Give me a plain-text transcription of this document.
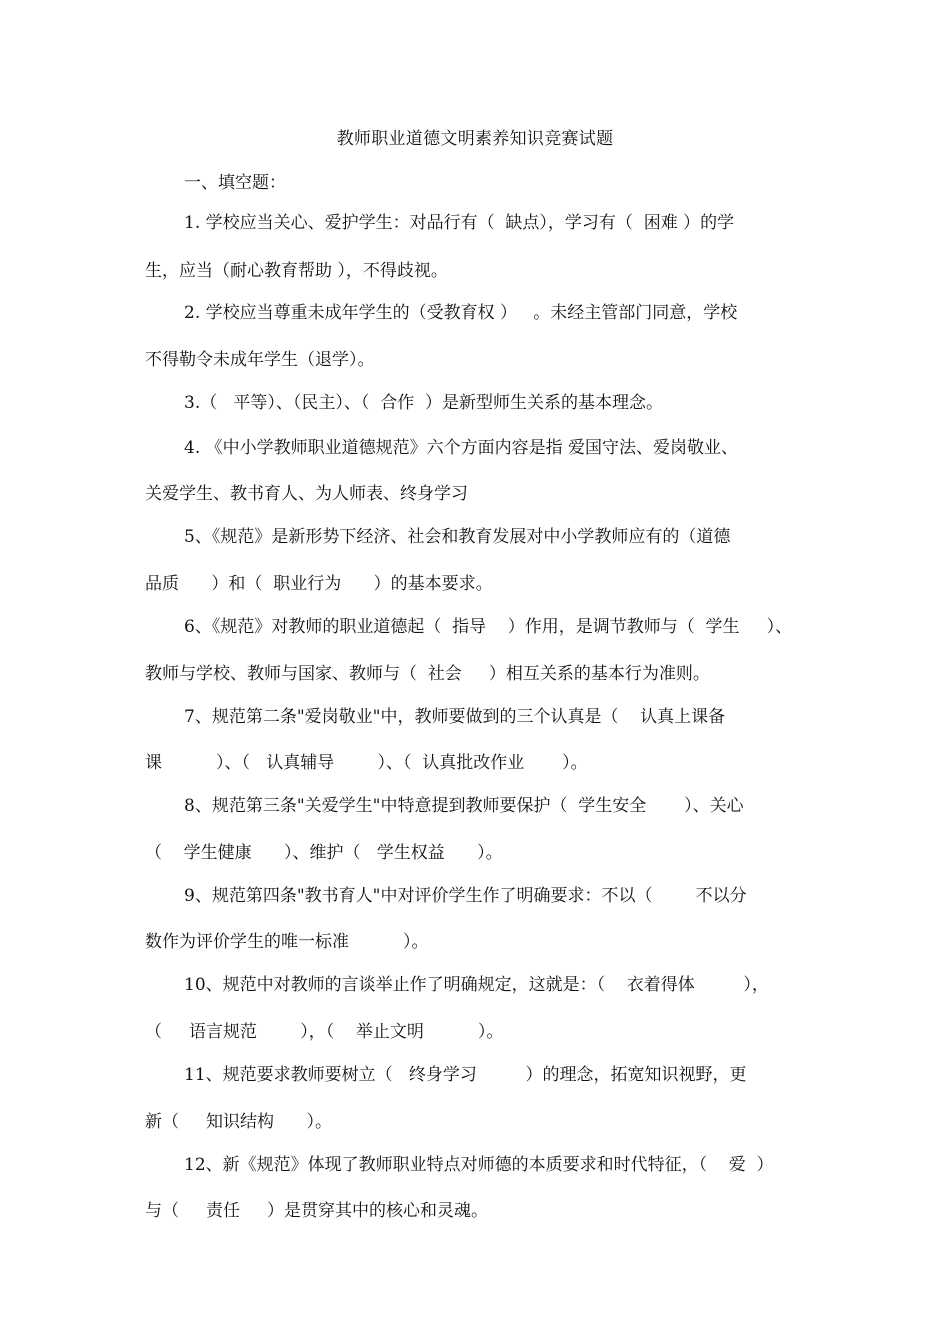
教师职业道德文明素养知识竞赛试题
一、填空题：
1. 学校应当关心、爱护学生：对品行有（  缺点），学习有（  困难 ）的学
生，应当（耐心教育帮助 ），不得歧视。
2. 学校应当尊重未成年学生的（受教育权 ）   。未经主管部门同意，学校
不得勒令未成年学生（退学）。
3.（   平等）、（民主）、（  合作  ）是新型师生关系的基本理念。
4. 《中小学教师职业道德规范》六个方面内容是指 爱国守法、爱岗敬业、
关爱学生、教书育人、为人师表、终身学习
5、《规范》是新形势下经济、社会和教育发展对中小学教师应有的（道德
品质      ）和（  职业行为      ）的基本要求。
6、《规范》对教师的职业道德起（  指导    ）作用，是调节教师与（  学生     ）、
教师与学校、教师与国家、教师与（  社会     ）相互关系的基本行为准则。
7、规范第二条"爱岗敬业"中，教师要做到的三个认真是（    认真上课备
课          ）、（   认真辅导        ）、（  认真批改作业       ）。
8、规范第三条"关爱学生"中特意提到教师要保护（  学生安全       ）、关心
（    学生健康      ）、维护（   学生权益      ）。
9、规范第四条"教书育人"中对评价学生作了明确要求：不以（        不以分
数作为评价学生的唯一标准          ）。
10、规范中对教师的言谈举止作了明确规定，这就是：（    衣着得体         ），
（     语言规范        ），（    举止文明          ）。
11、规范要求教师要树立（   终身学习         ）的理念，拓宽知识视野，更
新（     知识结构      ）。
12、新《规范》体现了教师职业特点对师德的本质要求和时代特征，（    爱  ）
与（     责任     ）是贯穿其中的核心和灵魂。
